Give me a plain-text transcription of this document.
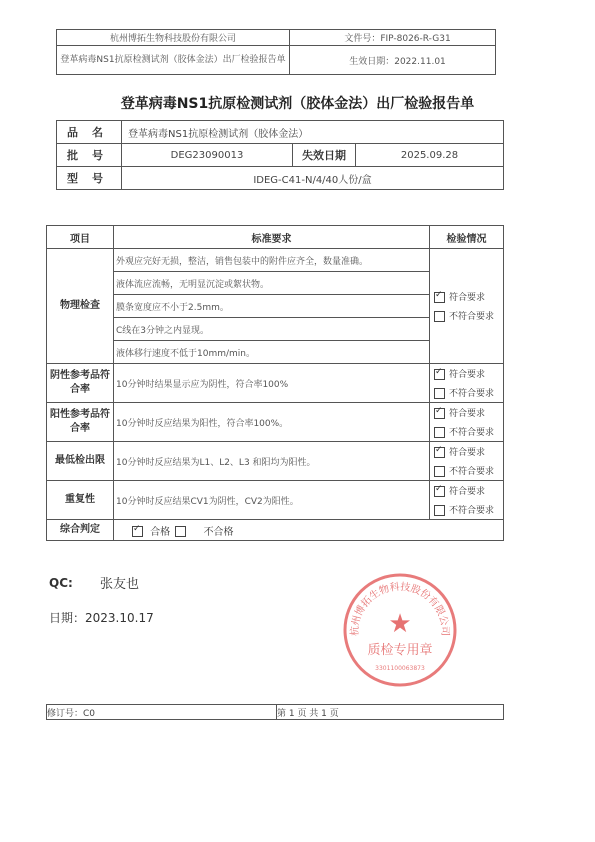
杭州博拓生物科技股份有限公司	文件号：FIP-8026-R-G31
登革病毒NS1抗原检测试剂（胶体金法）出厂检验报告单	生效日期：2022.11.01
登革病毒NS1抗原检测试剂（胶体金法）出厂检验报告单
品名	登革病毒NS1抗原检测试剂（胶体金法）		
批号	DEG23090013	失效日期	2025.09.28
型号	IDEG-C41-N/4/40人份/盒		
项目	标准要求	检验情况
物理检查	外观应完好无损，整洁，销售包装中的附件应齐全，数量准确。	
✓符合要求
不符合要求

	液体流应流畅，无明显沉淀或絮状物。	
	膜条宽度应不小于2.5mm。	
	C线在3分钟之内显现。	
	液体移行速度不低于10mm/min。	
阴性参考品符合率	10分钟时结果显示应为阴性，符合率100%	
✓符合要求
不符合要求

阳性参考品符合率	10分钟时反应结果为阳性，符合率100%。	
✓符合要求
不符合要求

最低检出限	10分钟时反应结果为L1、L2、L3 和阳均为阳性。	
✓符合要求
不符合要求

重复性	10分钟时反应结果CV1为阴性，CV2为阳性。	
✓符合要求
不符合要求

综合判定	✓合格 不合格
QC: 张友也
日期：2023.10.17
杭州博拓生物科技股份有限公司
★
质检专用章
3301100063873
修订号：C0	第 1 页 共 1 页
